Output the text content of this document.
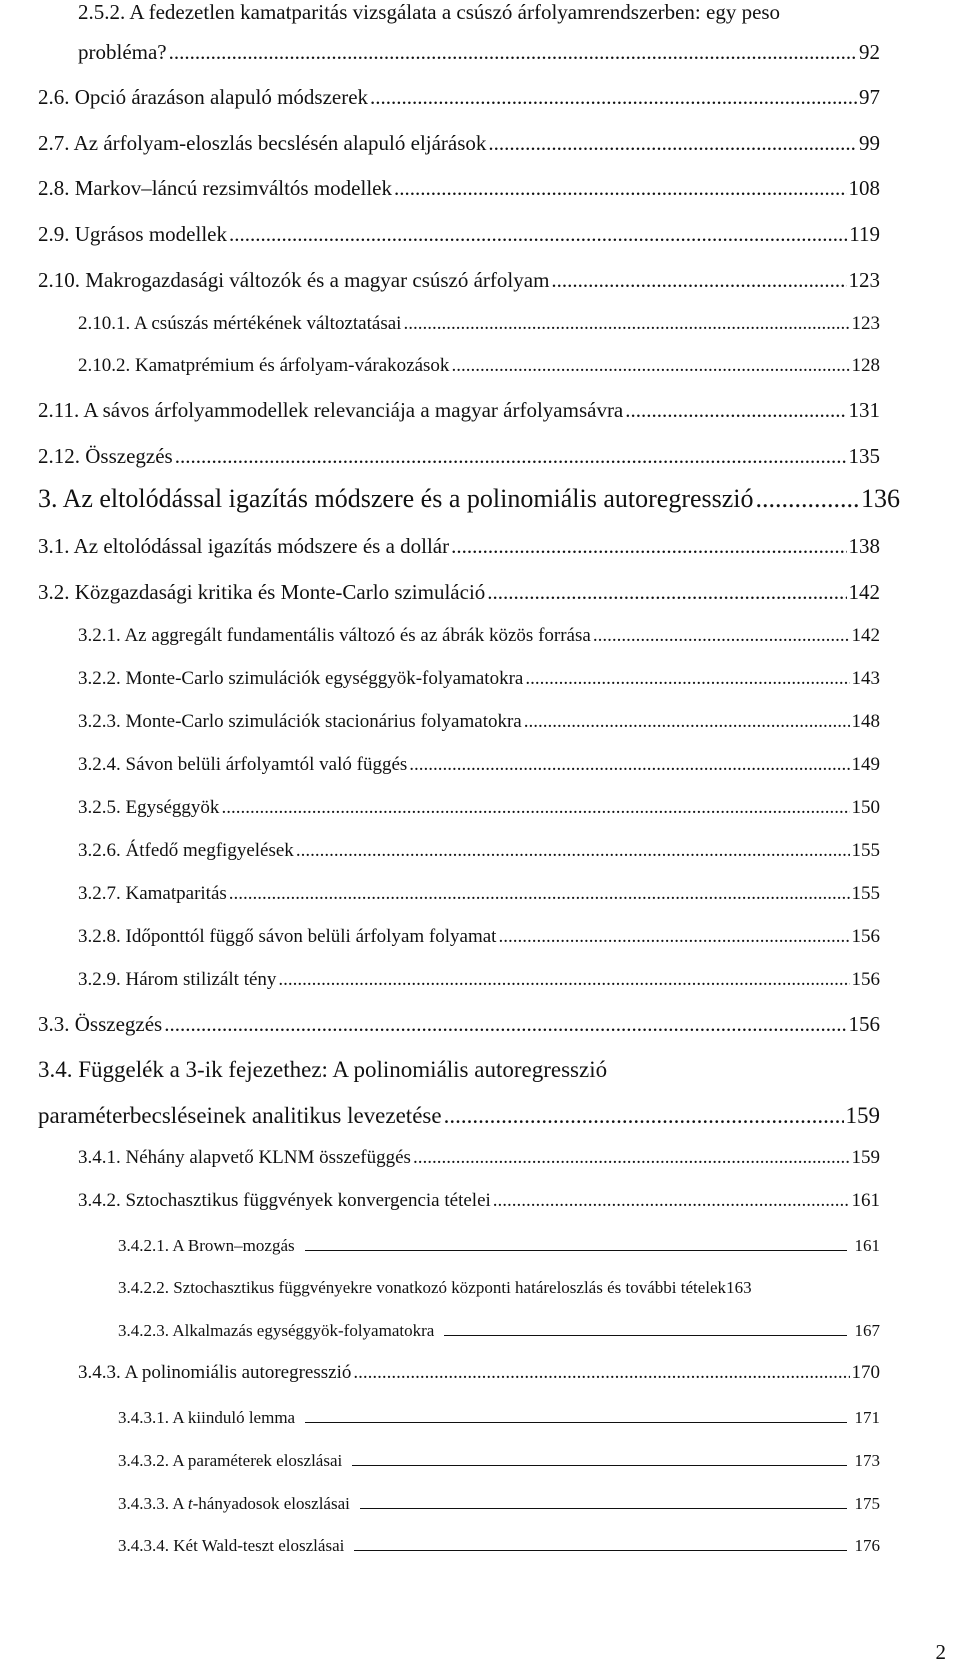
2.5.2. A fedezetlen kamatparitás vizsgálata a csúszó árfolyamrendszerben: egy peso
probléma? .....	92
2.6. Opció árazáson alapuló módszerek .....	97
2.7. Az árfolyam-eloszlás becslésén alapuló eljárások .....	99
2.8. Markov–láncú rezsimváltós modellek .....	108
2.9. Ugrásos modellek .....	119
2.10. Makrogazdasági változók és a magyar csúszó árfolyam .....	123
2.10.1. A csúszás mértékének változtatásai .....	123
2.10.2. Kamatprémium és árfolyam-várakozások .....	128
2.11. A sávos árfolyammodellek relevanciája a magyar árfolyamsávra .....	131
2.12. Összegzés .....	135
3. Az eltolódással igazítás módszere és a polinomiális autoregresszió .....	136
3.1. Az eltolódással igazítás módszere és a dollár .....	138
3.2. Közgazdasági kritika és Monte-Carlo szimuláció .....	142
3.2.1. Az aggregált fundamentális változó és az ábrák közös forrása .....	142
3.2.2. Monte-Carlo szimulációk egységgyök-folyamatokra .....	143
3.2.3. Monte-Carlo szimulációk stacionárius folyamatokra .....	148
3.2.4. Sávon belüli árfolyamtól való függés .....	149
3.2.5. Egységgyök .....	150
3.2.6. Átfedő megfigyelések .....	155
3.2.7. Kamatparitás .....	155
3.2.8. Időponttól függő sávon belüli árfolyam folyamat .....	156
3.2.9. Három stilizált tény .....	156
3.3. Összegzés .....	156
3.4. Függelék a 3-ik fejezethez: A polinomiális autoregresszió
paraméterbecsléseinek analitikus levezetése .....	159
3.4.1. Néhány alapvető KLNM összefüggés .....	159
3.4.2. Sztochasztikus függvények konvergencia tételei .....	161
3.4.2.1. A Brown–mozgás	161
3.4.2.2. Sztochasztikus függvényekre vonatkozó központi határeloszlás és további tételek 163
3.4.2.3. Alkalmazás egységgyök-folyamatokra	167
3.4.3. A polinomiális autoregresszió .....	170
3.4.3.1. A kiinduló lemma	171
3.4.3.2. A paraméterek eloszlásai	173
3.4.3.3. A t-hányadosok eloszlásai	175
3.4.3.4. Két Wald-teszt eloszlásai	176
2
